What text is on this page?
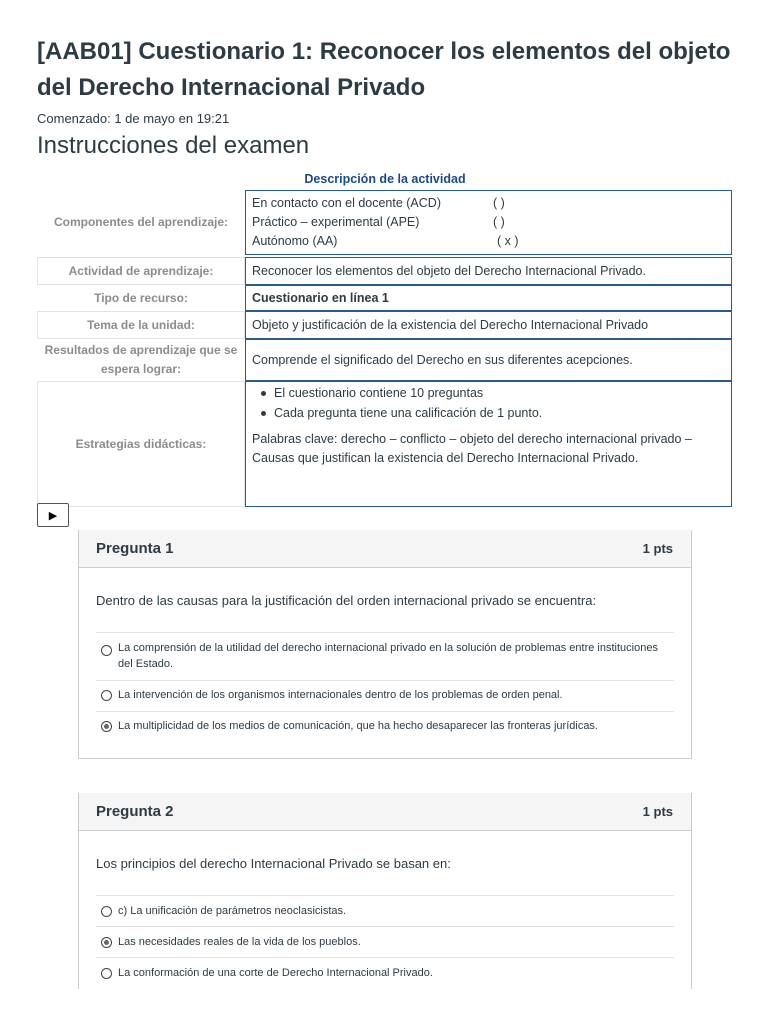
[AAB01] Cuestionario 1: Reconocer los elementos del objeto del Derecho Internacional Privado
Comenzado: 1 de mayo en 19:21
Instrucciones del examen
Descripción de la actividad
Componentes del aprendizaje:
En contacto con el docente (ACD)	( )
Práctico – experimental (APE)	( )
Autónomo (AA)	( x )
Actividad de aprendizaje:	Reconocer los elementos del objeto del Derecho Internacional Privado.
Tipo de recurso:	Cuestionario en línea 1
Tema de la unidad:	Objeto y justificación de la existencia del Derecho Internacional Privado
Resultados de aprendizaje que se espera lograr:
Comprende el significado del Derecho en sus diferentes acepciones.
Estrategias didácticas:
El cuestionario contiene 10 preguntas
Cada pregunta tiene una calificación de 1 punto.
Palabras clave: derecho – conflicto – objeto del derecho internacional privado – Causas que justifican la existencia del Derecho Internacional Privado.
▶
Pregunta 1	1 pts
Dentro de las causas para la justificación del orden internacional privado se encuentra:
La comprensión de la utilidad del derecho internacional privado en la solución de problemas entre instituciones del Estado.
La intervención de los organismos internacionales dentro de los problemas de orden penal.
La multiplicidad de los medios de comunicación, que ha hecho desaparecer las fronteras jurídicas.
Pregunta 2	1 pts
Los principios del derecho Internacional Privado se basan en:
c) La unificación de parámetros neoclasicistas.
Las necesidades reales de la vida de los pueblos.
La conformación de una corte de Derecho Internacional Privado.
